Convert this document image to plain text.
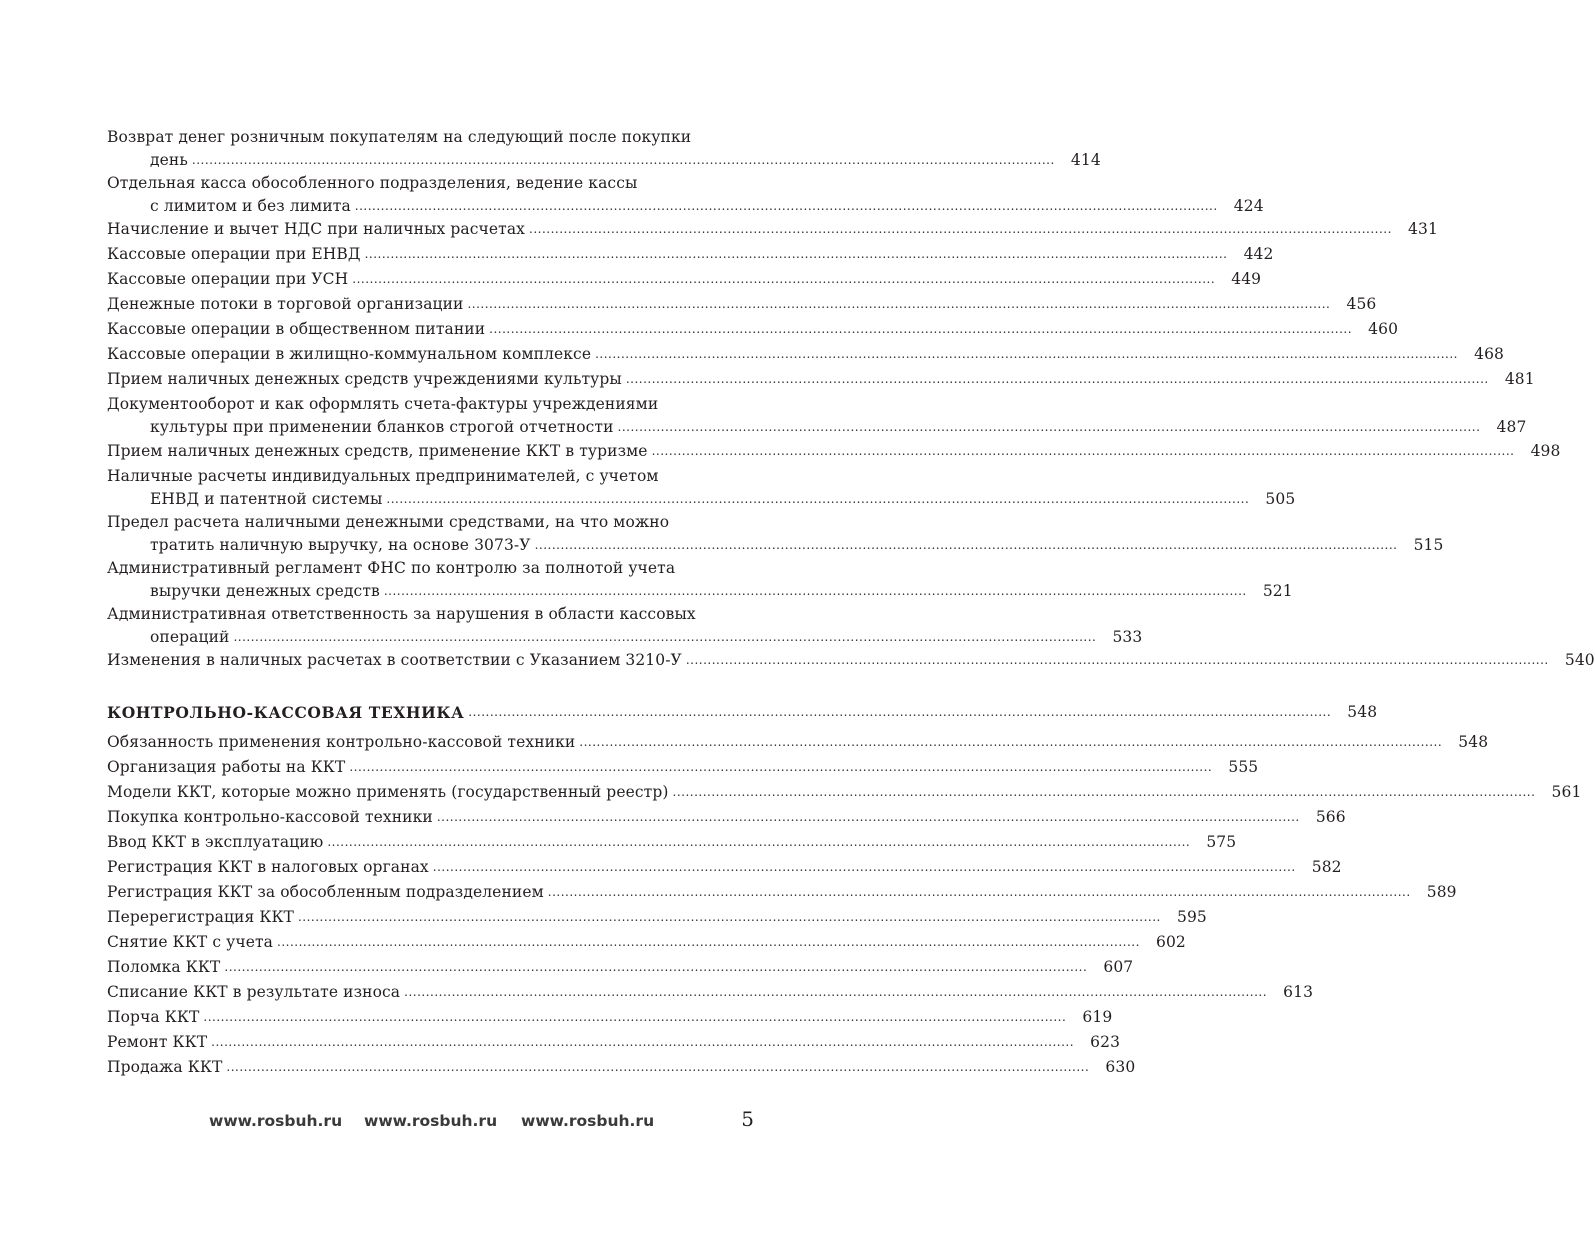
Возврат денег розничным покупателям на следующий после покупки
день ........................................................................................................................................................................................................	414
Отдельная касса обособленного подразделения, ведение кассы
с лимитом и без лимита ........................................................................................................................................................................................................	424
Начисление и вычет НДС при наличных расчетах ........................................................................................................................................................................................................	431
Кассовые операции при ЕНВД ........................................................................................................................................................................................................	442
Кассовые операции при УСН ........................................................................................................................................................................................................	449
Денежные потоки в торговой организации ........................................................................................................................................................................................................	456
Кассовые операции в общественном питании ........................................................................................................................................................................................................	460
Кассовые операции в жилищно-коммунальном комплексе ........................................................................................................................................................................................................	468
Прием наличных денежных средств учреждениями культуры ........................................................................................................................................................................................................	481
Документооборот и как оформлять счета-фактуры учреждениями
культуры при применении бланков строгой отчетности ........................................................................................................................................................................................................	487
Прием наличных денежных средств, применение ККТ в туризме ........................................................................................................................................................................................................	498
Наличные расчеты индивидуальных предпринимателей, с учетом
ЕНВД и патентной системы ........................................................................................................................................................................................................	505
Предел расчета наличными денежными средствами, на что можно
тратить наличную выручку, на основе 3073-У ........................................................................................................................................................................................................	515
Административный регламент ФНС по контролю за полнотой учета
выручки денежных средств ........................................................................................................................................................................................................	521
Административная ответственность за нарушения в области кассовых
операций ........................................................................................................................................................................................................	533
Изменения в наличных расчетах в соответствии с Указанием 3210-У ........................................................................................................................................................................................................	540
КОНТРОЛЬНО-КАССОВАЯ ТЕХНИКА ........................................................................................................................................................................................................	548
Обязанность применения контрольно-кассовой техники ........................................................................................................................................................................................................	548
Организация работы на ККТ ........................................................................................................................................................................................................	555
Модели ККТ, которые можно применять (государственный реестр) ........................................................................................................................................................................................................	561
Покупка контрольно-кассовой техники ........................................................................................................................................................................................................	566
Ввод ККТ в эксплуатацию ........................................................................................................................................................................................................	575
Регистрация ККТ в налоговых органах ........................................................................................................................................................................................................	582
Регистрация ККТ за обособленным подразделением ........................................................................................................................................................................................................	589
Перерегистрация ККТ ........................................................................................................................................................................................................	595
Снятие ККТ с учета ........................................................................................................................................................................................................	602
Поломка ККТ ........................................................................................................................................................................................................	607
Списание ККТ в результате износа ........................................................................................................................................................................................................	613
Порча ККТ ........................................................................................................................................................................................................	619
Ремонт ККТ ........................................................................................................................................................................................................	623
Продажа ККТ ........................................................................................................................................................................................................	630
www.rosbuh.ru www.rosbuh.ru www.rosbuh.ru	5
